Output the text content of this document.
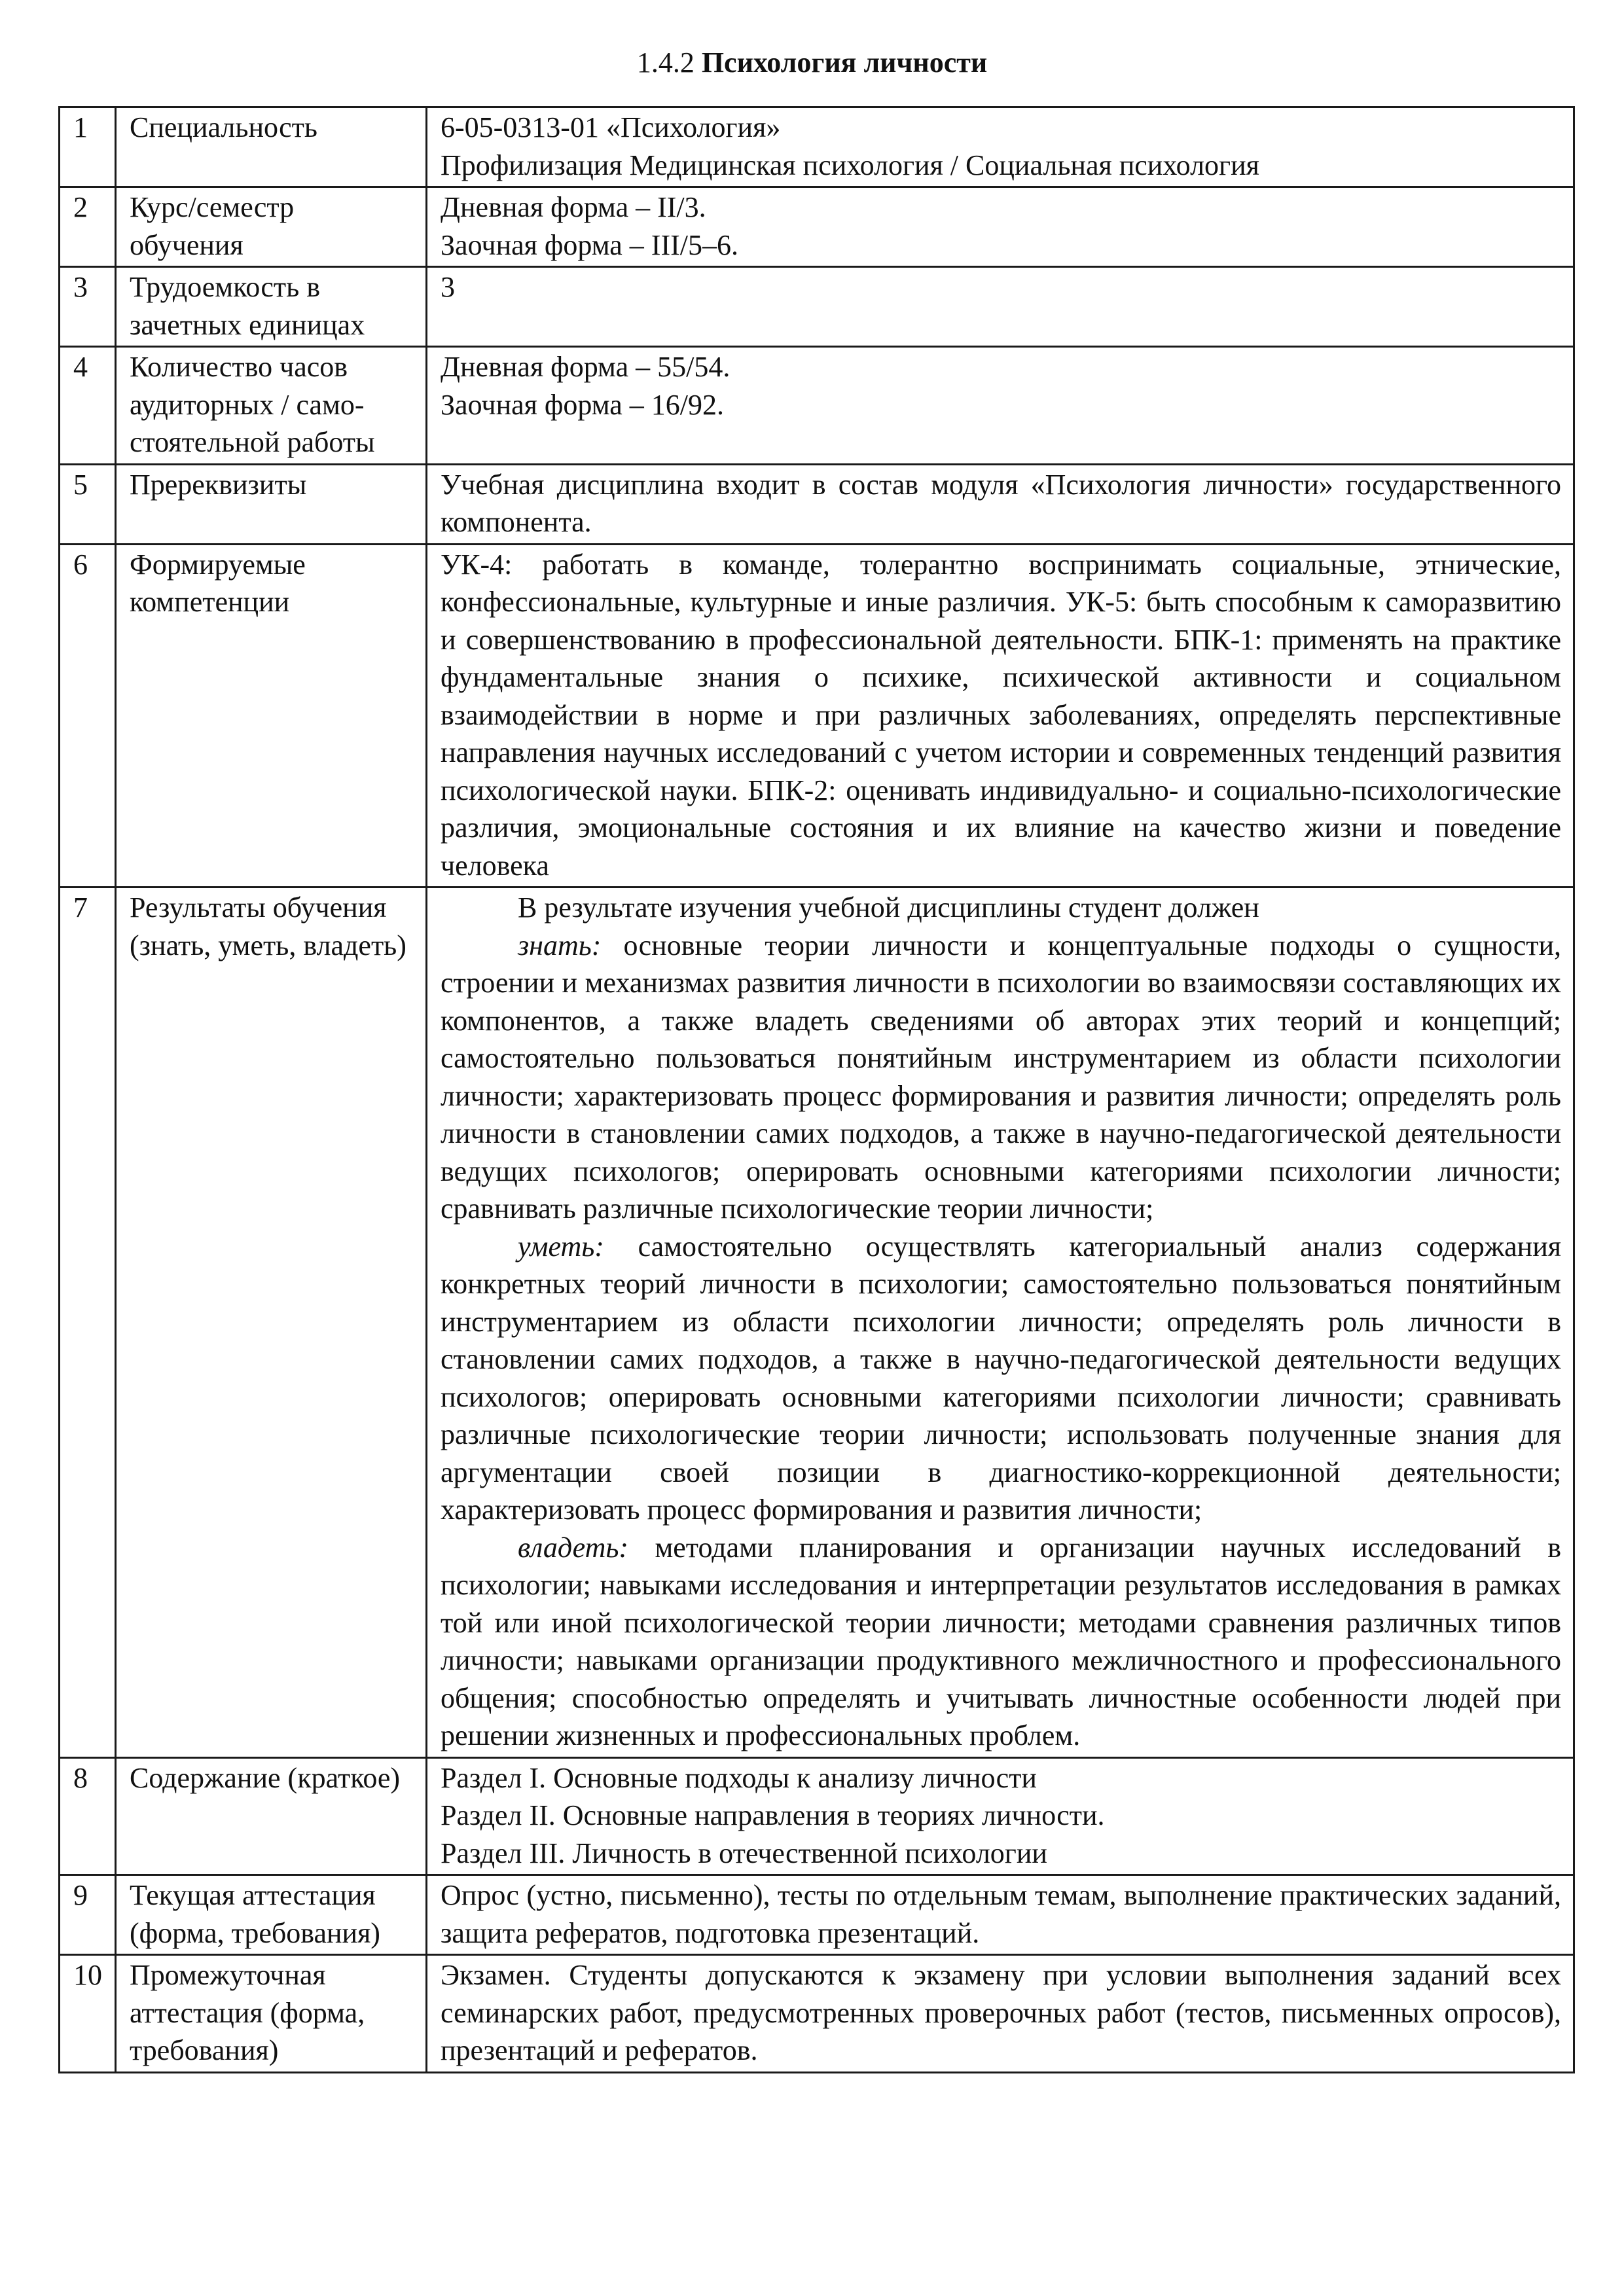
1.4.2 Психология личности
1	Специальность	6-05-0313-01 «Психология»
Профилизация Медицинская психология / Социальная психология

2	Курс/семестр обучения	Дневная форма – II/3.
Заочная форма – III/5–6.

3	Трудоемкость в зачетных единицах	3

4	Количество часов аудиторных / само- стоятельной работы	Дневная форма – 55/54.
Заочная форма – 16/92.

5	Пререквизиты	Учебная дисциплина входит в состав модуля «Психология личности» государственного компонента.
6	Формируемые компетенции	УК-4: работать в команде, толерантно воспринимать социальные, этнические, конфессиональные, культурные и иные различия. УК-5: быть способным к саморазвитию и совершенствованию в профессиональной деятельности. БПК-1: применять на практике фундаментальные знания о психике, психической активности и социальном взаимодействии в норме и при различных заболеваниях, определять перспективные направления научных исследований с учетом истории и современных тенденций развития психологической науки. БПК-2: оценивать индивидуально- и социально-психологические различия, эмоциональные состояния и их влияние на качество жизни и поведение человека
7	Результаты обучения (знать, уметь, владеть)	В результате изучения учебной дисциплины студент должен
знать: основные теории личности и концептуальные подходы о сущности, строении и механизмах развития личности в психологии во взаимосвязи составляющих их компонентов, а также владеть сведениями об авторах этих теорий и концепций; самостоятельно пользоваться понятийным инструментарием из области психологии личности; характеризовать процесс формирования и развития личности; определять роль личности в становлении самих подходов, а также в научно-педагогической деятельности ведущих психологов; оперировать основными категориями психологии личности; сравнивать различные психологические теории личности;
уметь: самостоятельно осуществлять категориальный анализ содержания конкретных теорий личности в психологии; самостоятельно пользоваться понятийным инструментарием из области психологии личности; определять роль личности в становлении самих подходов, а также в научно-педагогической деятельности ведущих психологов; оперировать основными категориями психологии личности; сравнивать различные психологические теории личности; использовать полученные знания для аргументации своей позиции в диагностико-коррекционной деятельности; характеризовать процесс формирования и развития личности;
владеть: методами планирования и организации научных исследований в психологии; навыками исследования и интерпретации результатов исследования в рамках той или иной психологической теории личности; методами сравнения различных типов личности; навыками организации продуктивного межличностного и профессионального общения; способностью определять и учитывать личностные особенности людей при решении жизненных и профессиональных проблем.

8	Содержание (краткое)	Раздел I. Основные подходы к анализу личности
Раздел II. Основные направления в теориях личности.
Раздел III. Личность в отечественной психологии

9	Текущая аттестация (форма, требования)	Опрос (устно, письменно), тесты по отдельным темам, выполнение практических заданий, защита рефератов, подготовка презентаций.
10	Промежуточная аттестация (форма, требования)	Экзамен. Студенты допускаются к экзамену при условии выполнения заданий всех семинарских работ, предусмотренных проверочных работ (тестов, письменных опросов), презентаций и рефератов.
